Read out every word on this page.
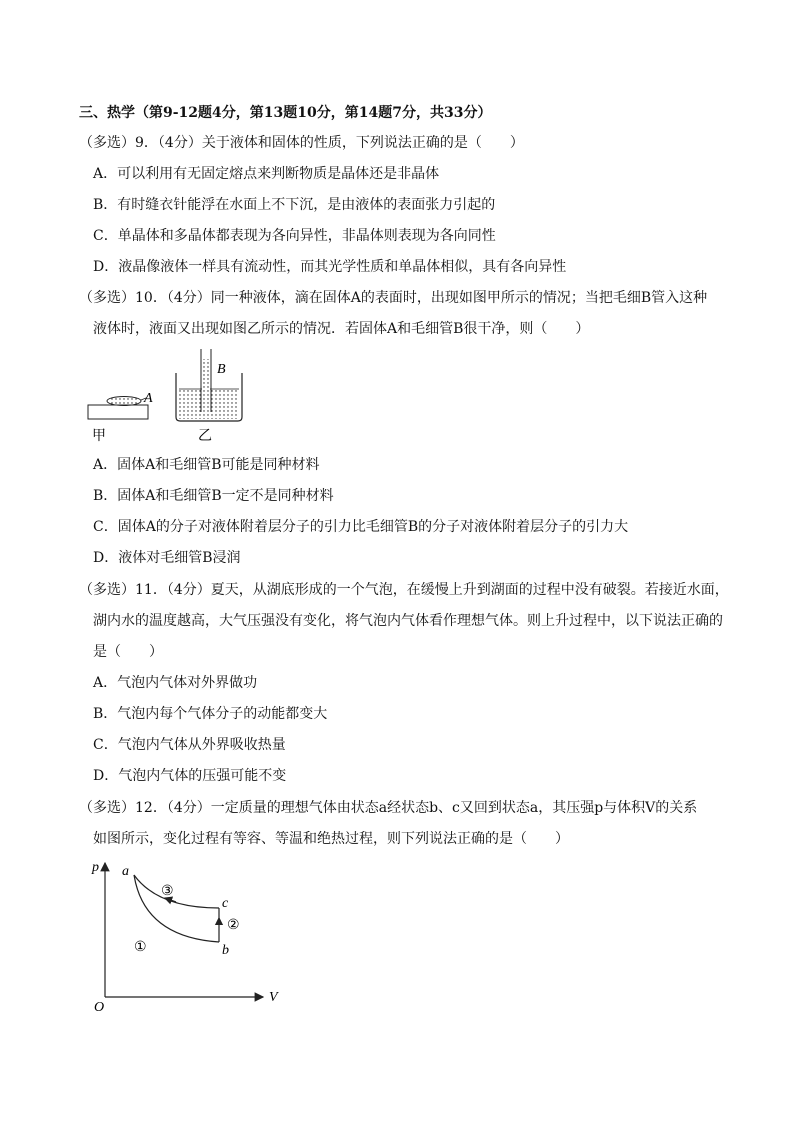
三、热学（第9-12题4分，第13题10分，第14题7分，共33分）
（多选）9．（4分）关于液体和固体的性质，下列说法正确的是（　　）
A．可以利用有无固定熔点来判断物质是晶体还是非晶体
B．有时缝衣针能浮在水面上不下沉，是由液体的表面张力引起的
C．单晶体和多晶体都表现为各向异性，非晶体则表现为各向同性
D．液晶像液体一样具有流动性，而其光学性质和单晶体相似，具有各向异性
（多选）10．（4分）同一种液体，滴在固体A的表面时，出现如图甲所示的情况；当把毛细B管入这种
液体时，液面又出现如图乙所示的情况．若固体A和毛细管B很干净，则（　　）
A
甲
B
乙
A．固体A和毛细管B可能是同种材料
B．固体A和毛细管B一定不是同种材料
C．固体A的分子对液体附着层分子的引力比毛细管B的分子对液体附着层分子的引力大
D．液体对毛细管B浸润
（多选）11．（4分）夏天，从湖底形成的一个气泡，在缓慢上升到湖面的过程中没有破裂。若接近水面，
湖内水的温度越高，大气压强没有变化，将气泡内气体看作理想气体。则上升过程中，以下说法正确的
是（　　）
A．气泡内气体对外界做功
B．气泡内每个气体分子的动能都变大
C．气泡内气体从外界吸收热量
D．气泡内气体的压强可能不变
（多选）12．（4分）一定质量的理想气体由状态a经状态b、c又回到状态a，其压强p与体积V的关系
如图所示，变化过程有等容、等温和绝热过程，则下列说法正确的是（　　）
p
V
O
a
b
c
①
②
③
